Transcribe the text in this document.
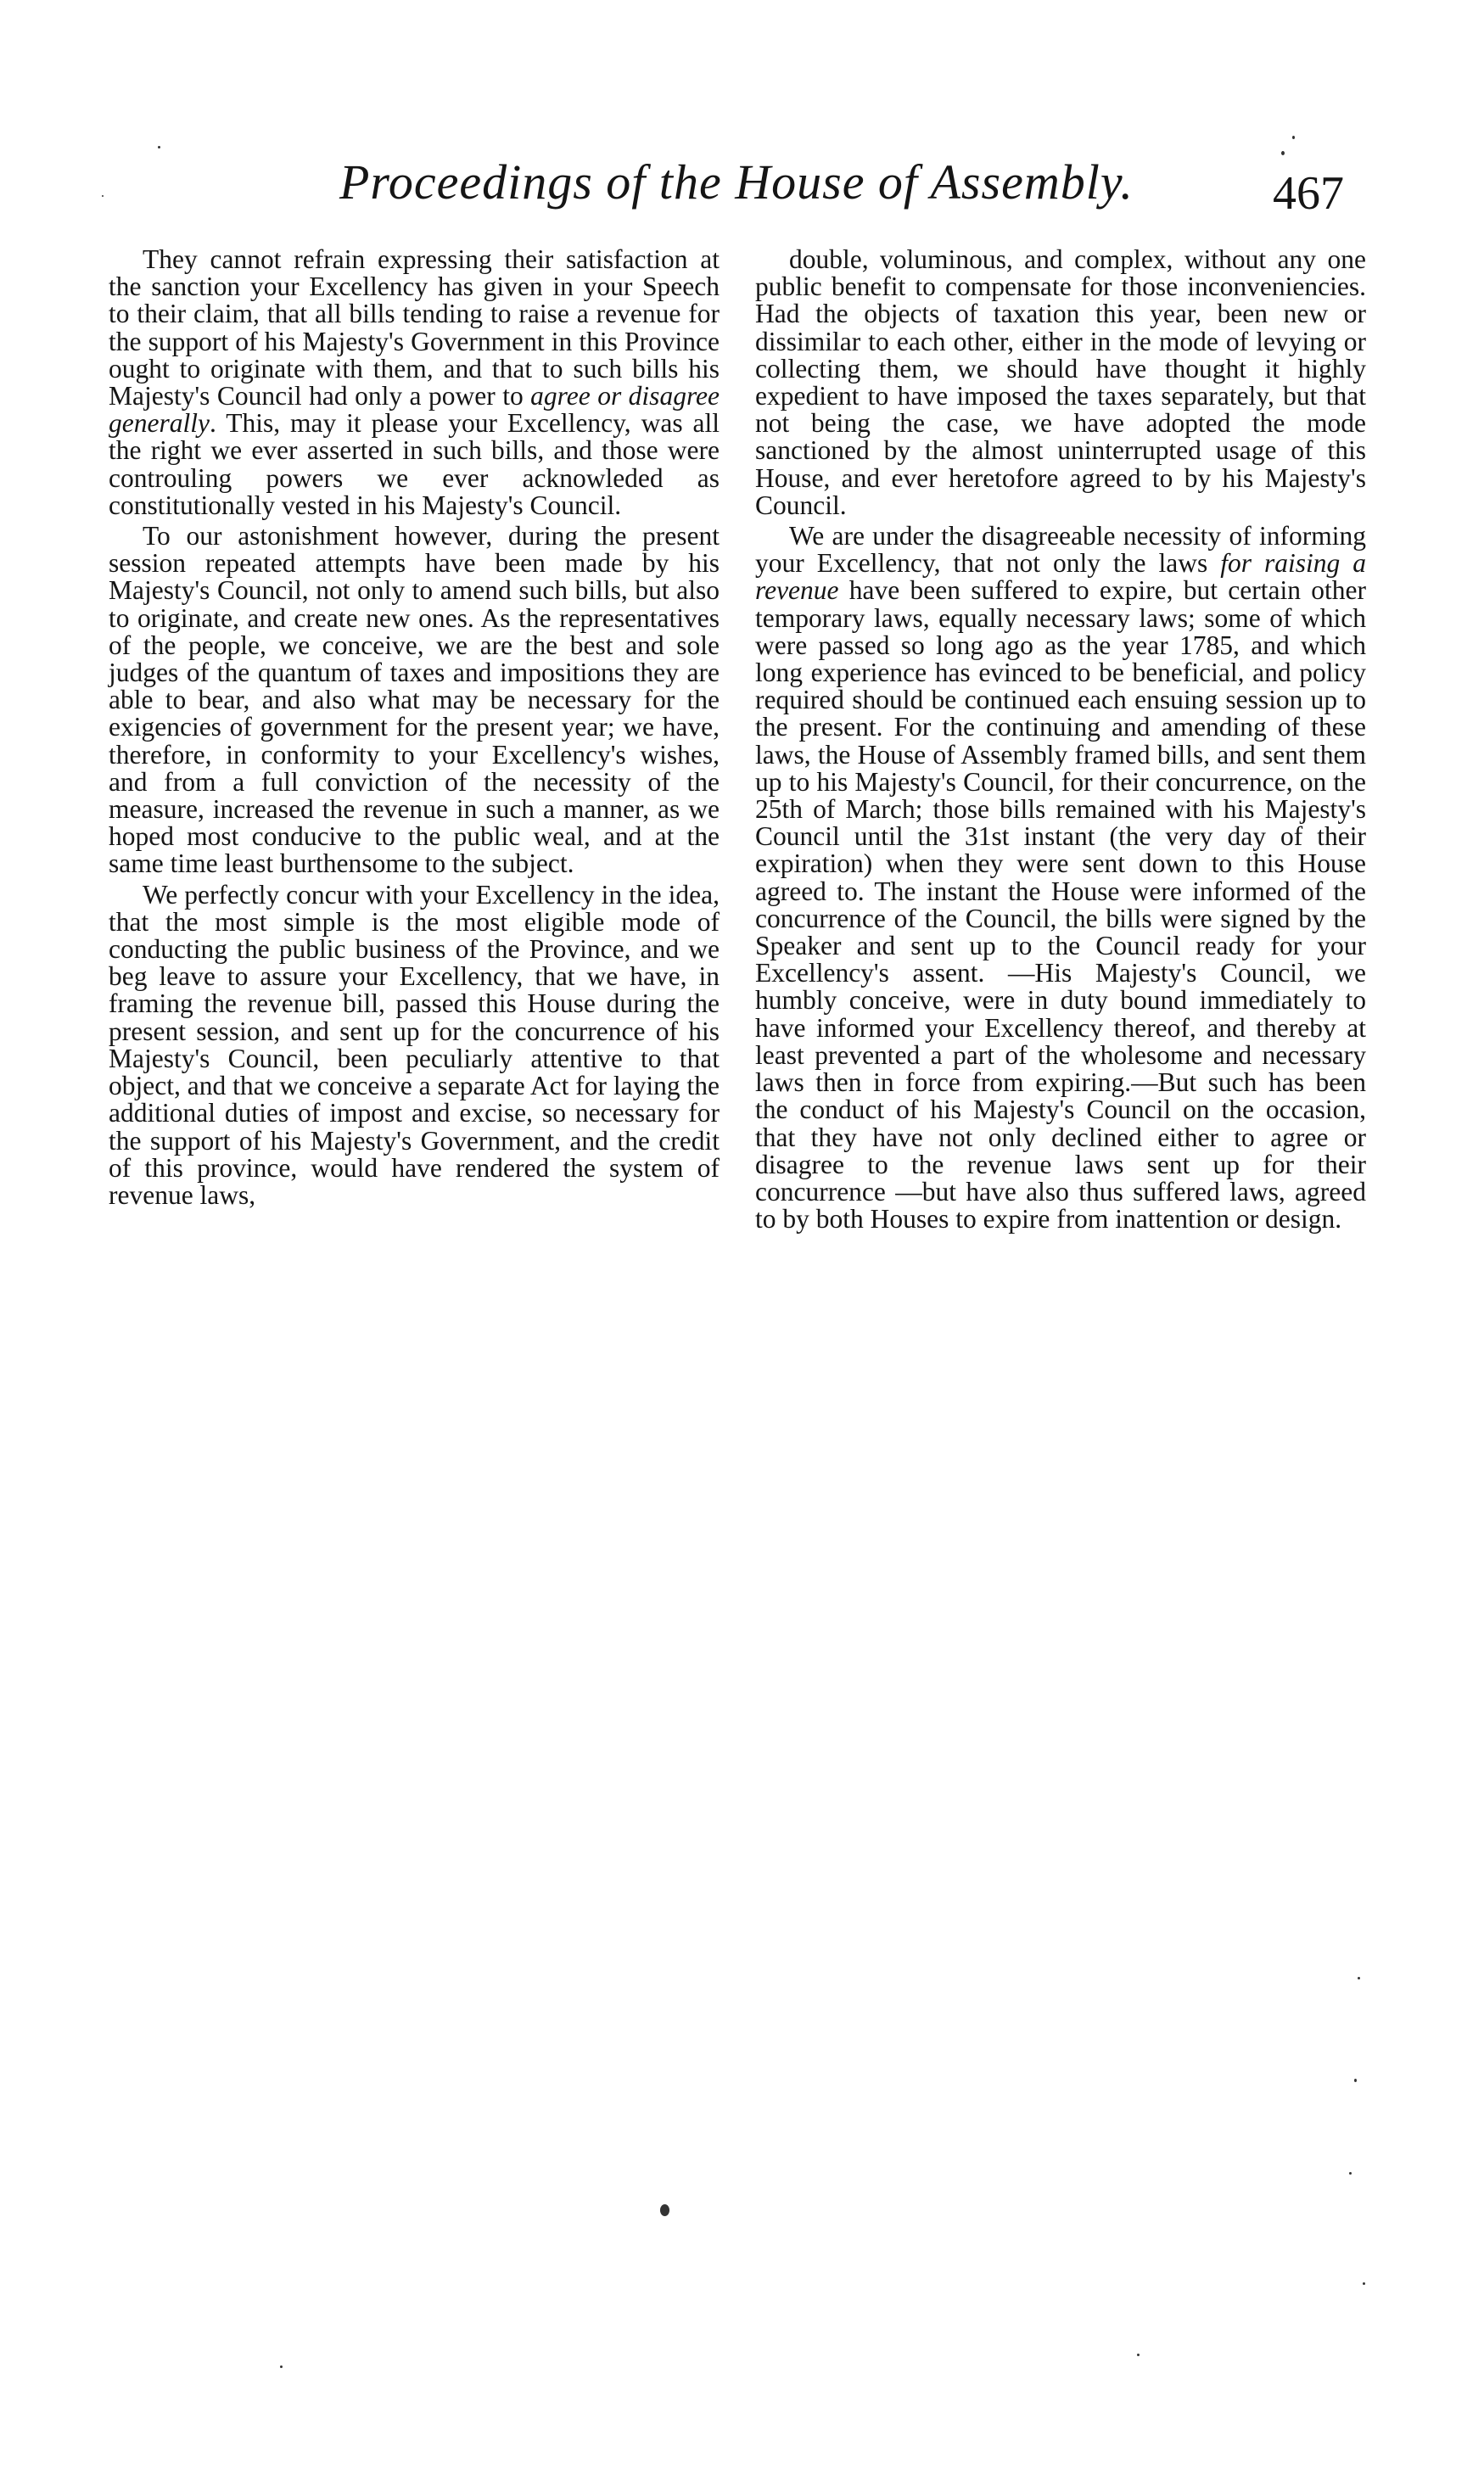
Proceedings of the House of Assembly.	467

They cannot refrain expressing their satisfaction at the sanction your Excellency has given in your Speech to their claim, that all bills tending to raise a revenue for the support of his Majesty's Government in this Province ought to originate with them, and that to such bills his Majesty's Council had only a power to agree or disagree generally. This, may it please your Excellency, was all the right we ever asserted in such bills, and those were controuling powers we ever acknowleded as constitutionally vested in his Majesty's Council.

To our astonishment however, during the present session repeated attempts have been made by his Majesty's Council, not only to amend such bills, but also to originate, and create new ones. As the representatives of the people, we conceive, we are the best and sole judges of the quantum of taxes and impositions they are able to bear, and also what may be necessary for the exigencies of government for the present year; we have, therefore, in conformity to your Excellency's wishes, and from a full conviction of the necessity of the measure, increased the revenue in such a manner, as we hoped most conducive to the public weal, and at the same time least burthensome to the subject.

We perfectly concur with your Excellency in the idea, that the most simple is the most eligible mode of conducting the public business of the Province, and we beg leave to assure your Excellency, that we have, in framing the revenue bill, passed this House during the present session, and sent up for the concurrence of his Majesty's Council, been peculiarly attentive to that object, and that we conceive a separate Act for laying the additional duties of impost and excise, so necessary for the support of his Majesty's Government, and the credit of this province, would have rendered the system of revenue laws,

double, voluminous, and complex, without any one public benefit to compensate for those inconveniencies. Had the objects of taxation this year, been new or dissimilar to each other, either in the mode of levying or collecting them, we should have thought it highly expedient to have imposed the taxes separately, but that not being the case, we have adopted the mode sanctioned by the almost uninterrupted usage of this House, and ever heretofore agreed to by his Majesty's Council.

We are under the disagreeable necessity of informing your Excellency, that not only the laws for raising a revenue have been suffered to expire, but certain other temporary laws, equally necessary laws; some of which were passed so long ago as the year 1785, and which long experience has evinced to be beneficial, and policy required should be continued each ensuing session up to the present. For the continuing and amending of these laws, the House of Assembly framed bills, and sent them up to his Majesty's Council, for their concurrence, on the 25th of March; those bills remained with his Majesty's Council until the 31st instant (the very day of their expiration) when they were sent down to this House agreed to. The instant the House were informed of the concurrence of the Council, the bills were signed by the Speaker and sent up to the Council ready for your Excellency's assent. —His Majesty's Council, we humbly conceive, were in duty bound immediately to have informed your Excellency thereof, and thereby at least prevented a part of the wholesome and necessary laws then in force from expiring.—But such has been the conduct of his Majesty's Council on the occasion, that they have not only declined either to agree or disagree to the revenue laws sent up for their concurrence —but have also thus suffered laws, agreed to by both Houses to expire from inattention or design.
